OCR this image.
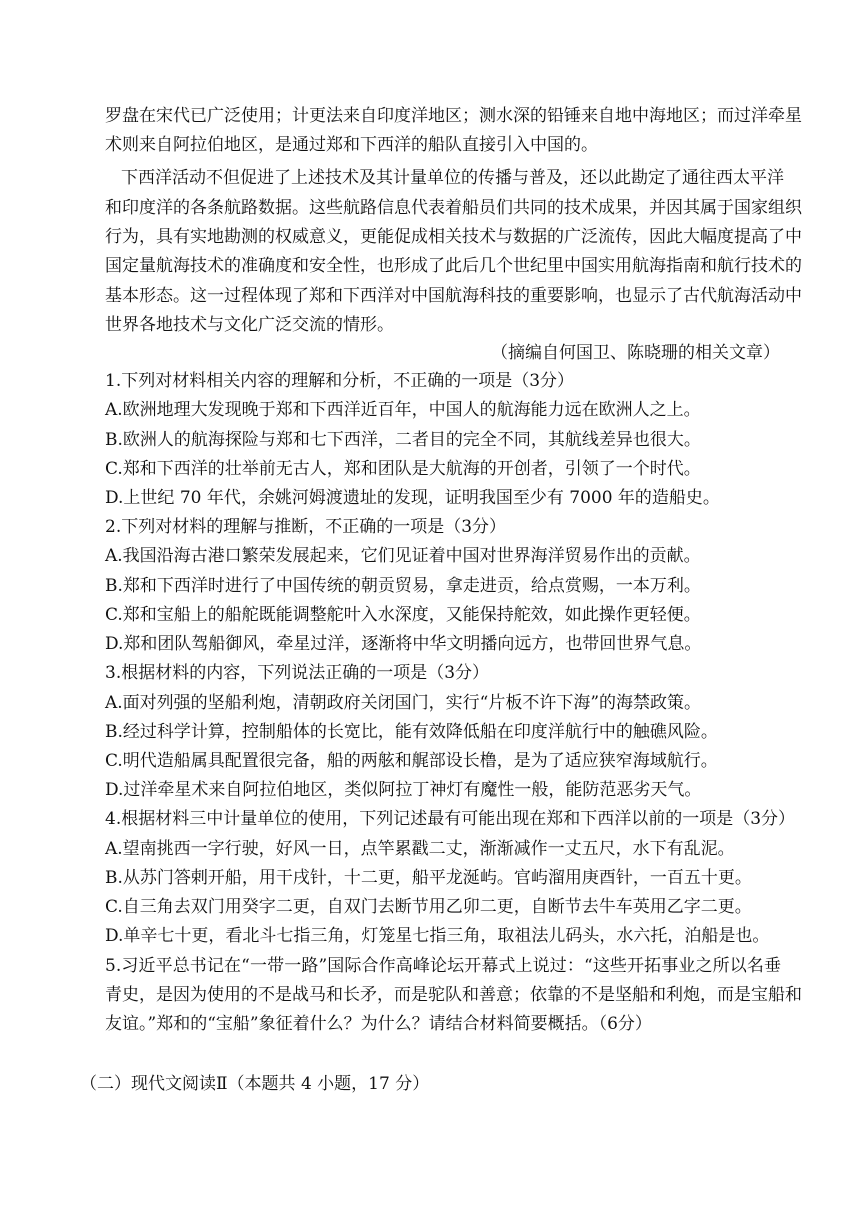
罗盘在宋代已广泛使用；计更法来自印度洋地区；测水深的铅锤来自地中海地区；而过洋牵星
术则来自阿拉伯地区，是通过郑和下西洋的船队直接引入中国的。
下西洋活动不但促进了上述技术及其计量单位的传播与普及，还以此勘定了通往西太平洋
和印度洋的各条航路数据。这些航路信息代表着船员们共同的技术成果，并因其属于国家组织
行为，具有实地勘测的权威意义，更能促成相关技术与数据的广泛流传，因此大幅度提高了中
国定量航海技术的准确度和安全性，也形成了此后几个世纪里中国实用航海指南和航行技术的
基本形态。这一过程体现了郑和下西洋对中国航海科技的重要影响，也显示了古代航海活动中
世界各地技术与文化广泛交流的情形。
（摘编自何国卫、陈晓珊的相关文章）
1.下列对材料相关内容的理解和分析，不正确的一项是（3分）
A.欧洲地理大发现晚于郑和下西洋近百年，中国人的航海能力远在欧洲人之上。
B.欧洲人的航海探险与郑和七下西洋，二者目的完全不同，其航线差异也很大。
C.郑和下西洋的壮举前无古人，郑和团队是大航海的开创者，引领了一个时代。
D.上世纪 70 年代，余姚河姆渡遗址的发现，证明我国至少有 7000 年的造船史。
2.下列对材料的理解与推断，不正确的一项是（3分）
A.我国沿海古港口繁荣发展起来，它们见证着中国对世界海洋贸易作出的贡献。
B.郑和下西洋时进行了中国传统的朝贡贸易，拿走进贡，给点赏赐，一本万利。
C.郑和宝船上的船舵既能调整舵叶入水深度，又能保持舵效，如此操作更轻便。
D.郑和团队驾船御风，牵星过洋，逐渐将中华文明播向远方，也带回世界气息。
3.根据材料的内容，下列说法正确的一项是（3分）
A.面对列强的坚船利炮，清朝政府关闭国门，实行“片板不许下海”的海禁政策。
B.经过科学计算，控制船体的长宽比，能有效降低船在印度洋航行中的触礁风险。
C.明代造船属具配置很完备，船的两舷和艉部设长橹，是为了适应狭窄海域航行。
D.过洋牵星术来自阿拉伯地区，类似阿拉丁神灯有魔性一般，能防范恶劣天气。
4.根据材料三中计量单位的使用，下列记述最有可能出现在郑和下西洋以前的一项是（3分）
A.望南挑西一字行驶，好风一日，点竿累戳二丈，渐渐减作一丈五尺，水下有乱泥。
B.从苏门答剌开船，用干戌针，十二更，船平龙涎屿。官屿溜用庚酉针，一百五十更。
C.自三角去双门用癸字二更，自双门去断节用乙卯二更，自断节去牛车英用乙字二更。
D.单辛七十更，看北斗七指三角，灯笼星七指三角，取祖法儿码头，水六托，泊船是也。
5.习近平总书记在“一带一路”国际合作高峰论坛开幕式上说过：“这些开拓事业之所以名垂
青史，是因为使用的不是战马和长矛，而是驼队和善意；依靠的不是坚船和利炮，而是宝船和
友谊。”郑和的“宝船”象征着什么？为什么？请结合材料简要概括。（6分）
（二）现代文阅读Ⅱ（本题共 4 小题，17 分）
